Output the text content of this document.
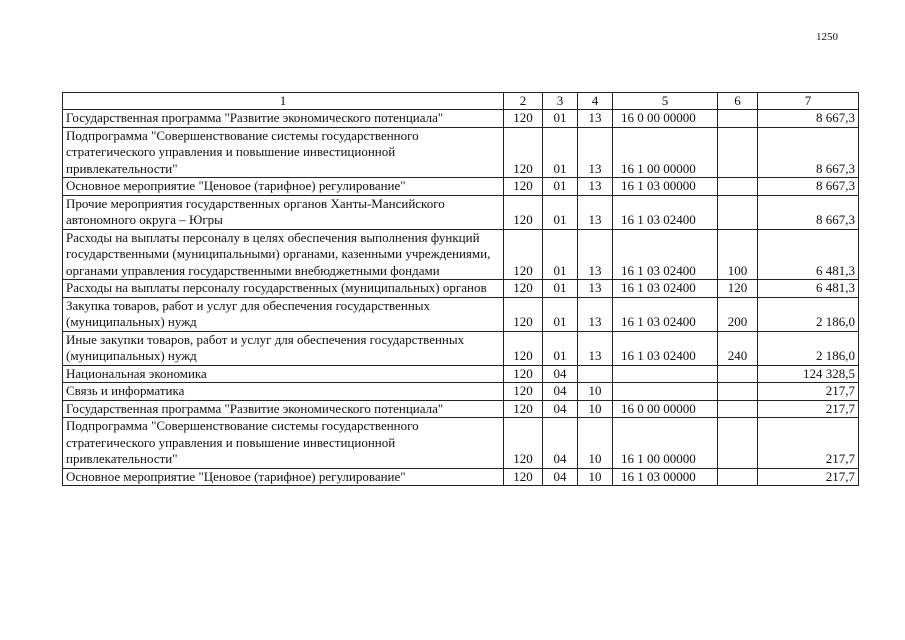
1250
1	2	3	4	5	6	7
Государственная программа "Развитие экономического потенциала"	120	01	13	16 0 00 00000		8 667,3
Подпрограмма "Совершенствование системы государственного стратегического управления и повышение инвестиционной привлекательности"	120	01	13	16 1 00 00000		8 667,3
Основное мероприятие "Ценовое (тарифное) регулирование"	120	01	13	16 1 03 00000		8 667,3
Прочие мероприятия государственных органов Ханты-Мансийского автономного округа – Югры	120	01	13	16 1 03 02400		8 667,3
Расходы на выплаты персоналу в целях обеспечения выполнения функций государственными (муниципальными) органами, казенными учреждениями, органами управления государственными внебюджетными фондами	120	01	13	16 1 03 02400	100	6 481,3
Расходы на выплаты персоналу государственных (муниципальных) органов	120	01	13	16 1 03 02400	120	6 481,3
Закупка товаров, работ и услуг для обеспечения государственных (муниципальных) нужд	120	01	13	16 1 03 02400	200	2 186,0
Иные закупки товаров, работ и услуг для обеспечения государственных (муниципальных) нужд	120	01	13	16 1 03 02400	240	2 186,0
Национальная экономика	120	04				124 328,5
Связь и информатика	120	04	10			217,7
Государственная программа "Развитие экономического потенциала"	120	04	10	16 0 00 00000		217,7
Подпрограмма "Совершенствование системы государственного стратегического управления и повышение инвестиционной привлекательности"	120	04	10	16 1 00 00000		217,7
Основное мероприятие "Ценовое (тарифное) регулирование"	120	04	10	16 1 03 00000		217,7
